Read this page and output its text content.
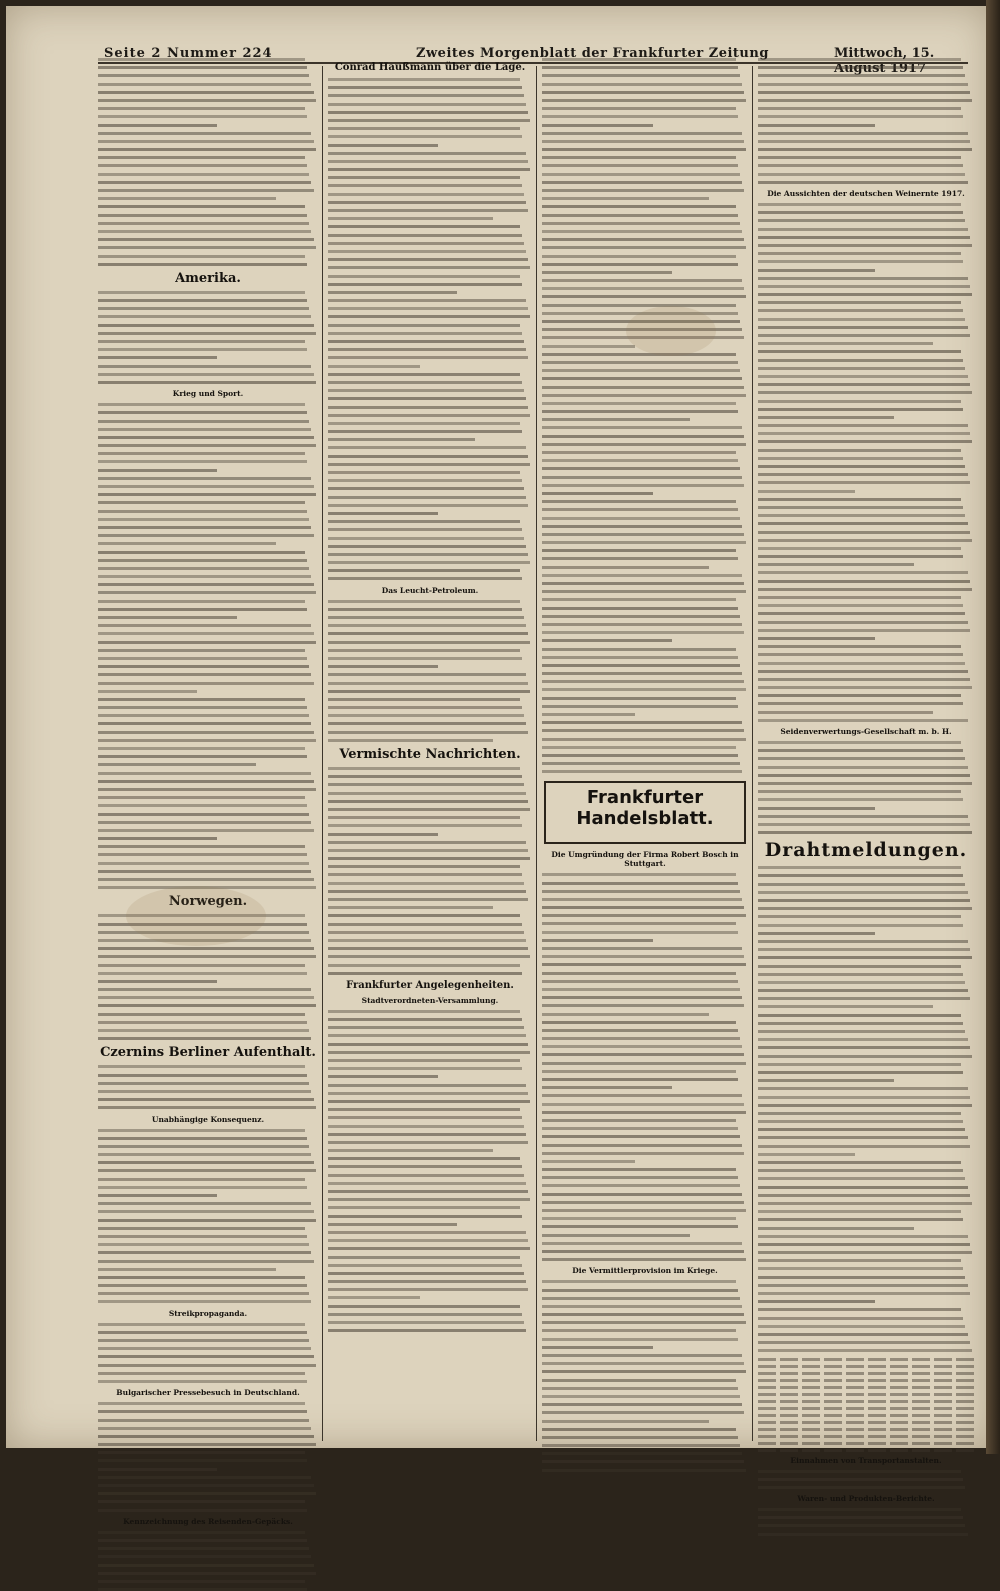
Seite 2 Nummer 224	Zweites Morgenblatt der Frankfurter Zeitung	Mittwoch, 15.
Amerika.
Krieg und Sport.
Norwegen.
Czernins Berliner Aufenthalt.
Unabhängige Konsequenz.
Streikpropaganda.
Bulgarischer Pressebesuch in Deutschland.
Kennzeichnung des Reisenden-Gepäcks.
Conrad Haußmann über die Lage.
Das Leucht-Petroleum.
Vermischte Nachrichten.
Frankfurter Angelegenheiten.
Stadtverordneten-Versammlung.
Frankfurter Handelsblatt.

Die Umgründung der Firma Robert Bosch in Stuttgart.
Die Vermittlerprovision im Kriege.
Die Aussichten der deutschen Weinernte 1917.
Seidenverwertungs-Gesellschaft m. b. H.
Drahtmeldungen.
Einnahmen von Transportanstalten.
Waren- und Produkten-Berichte.
